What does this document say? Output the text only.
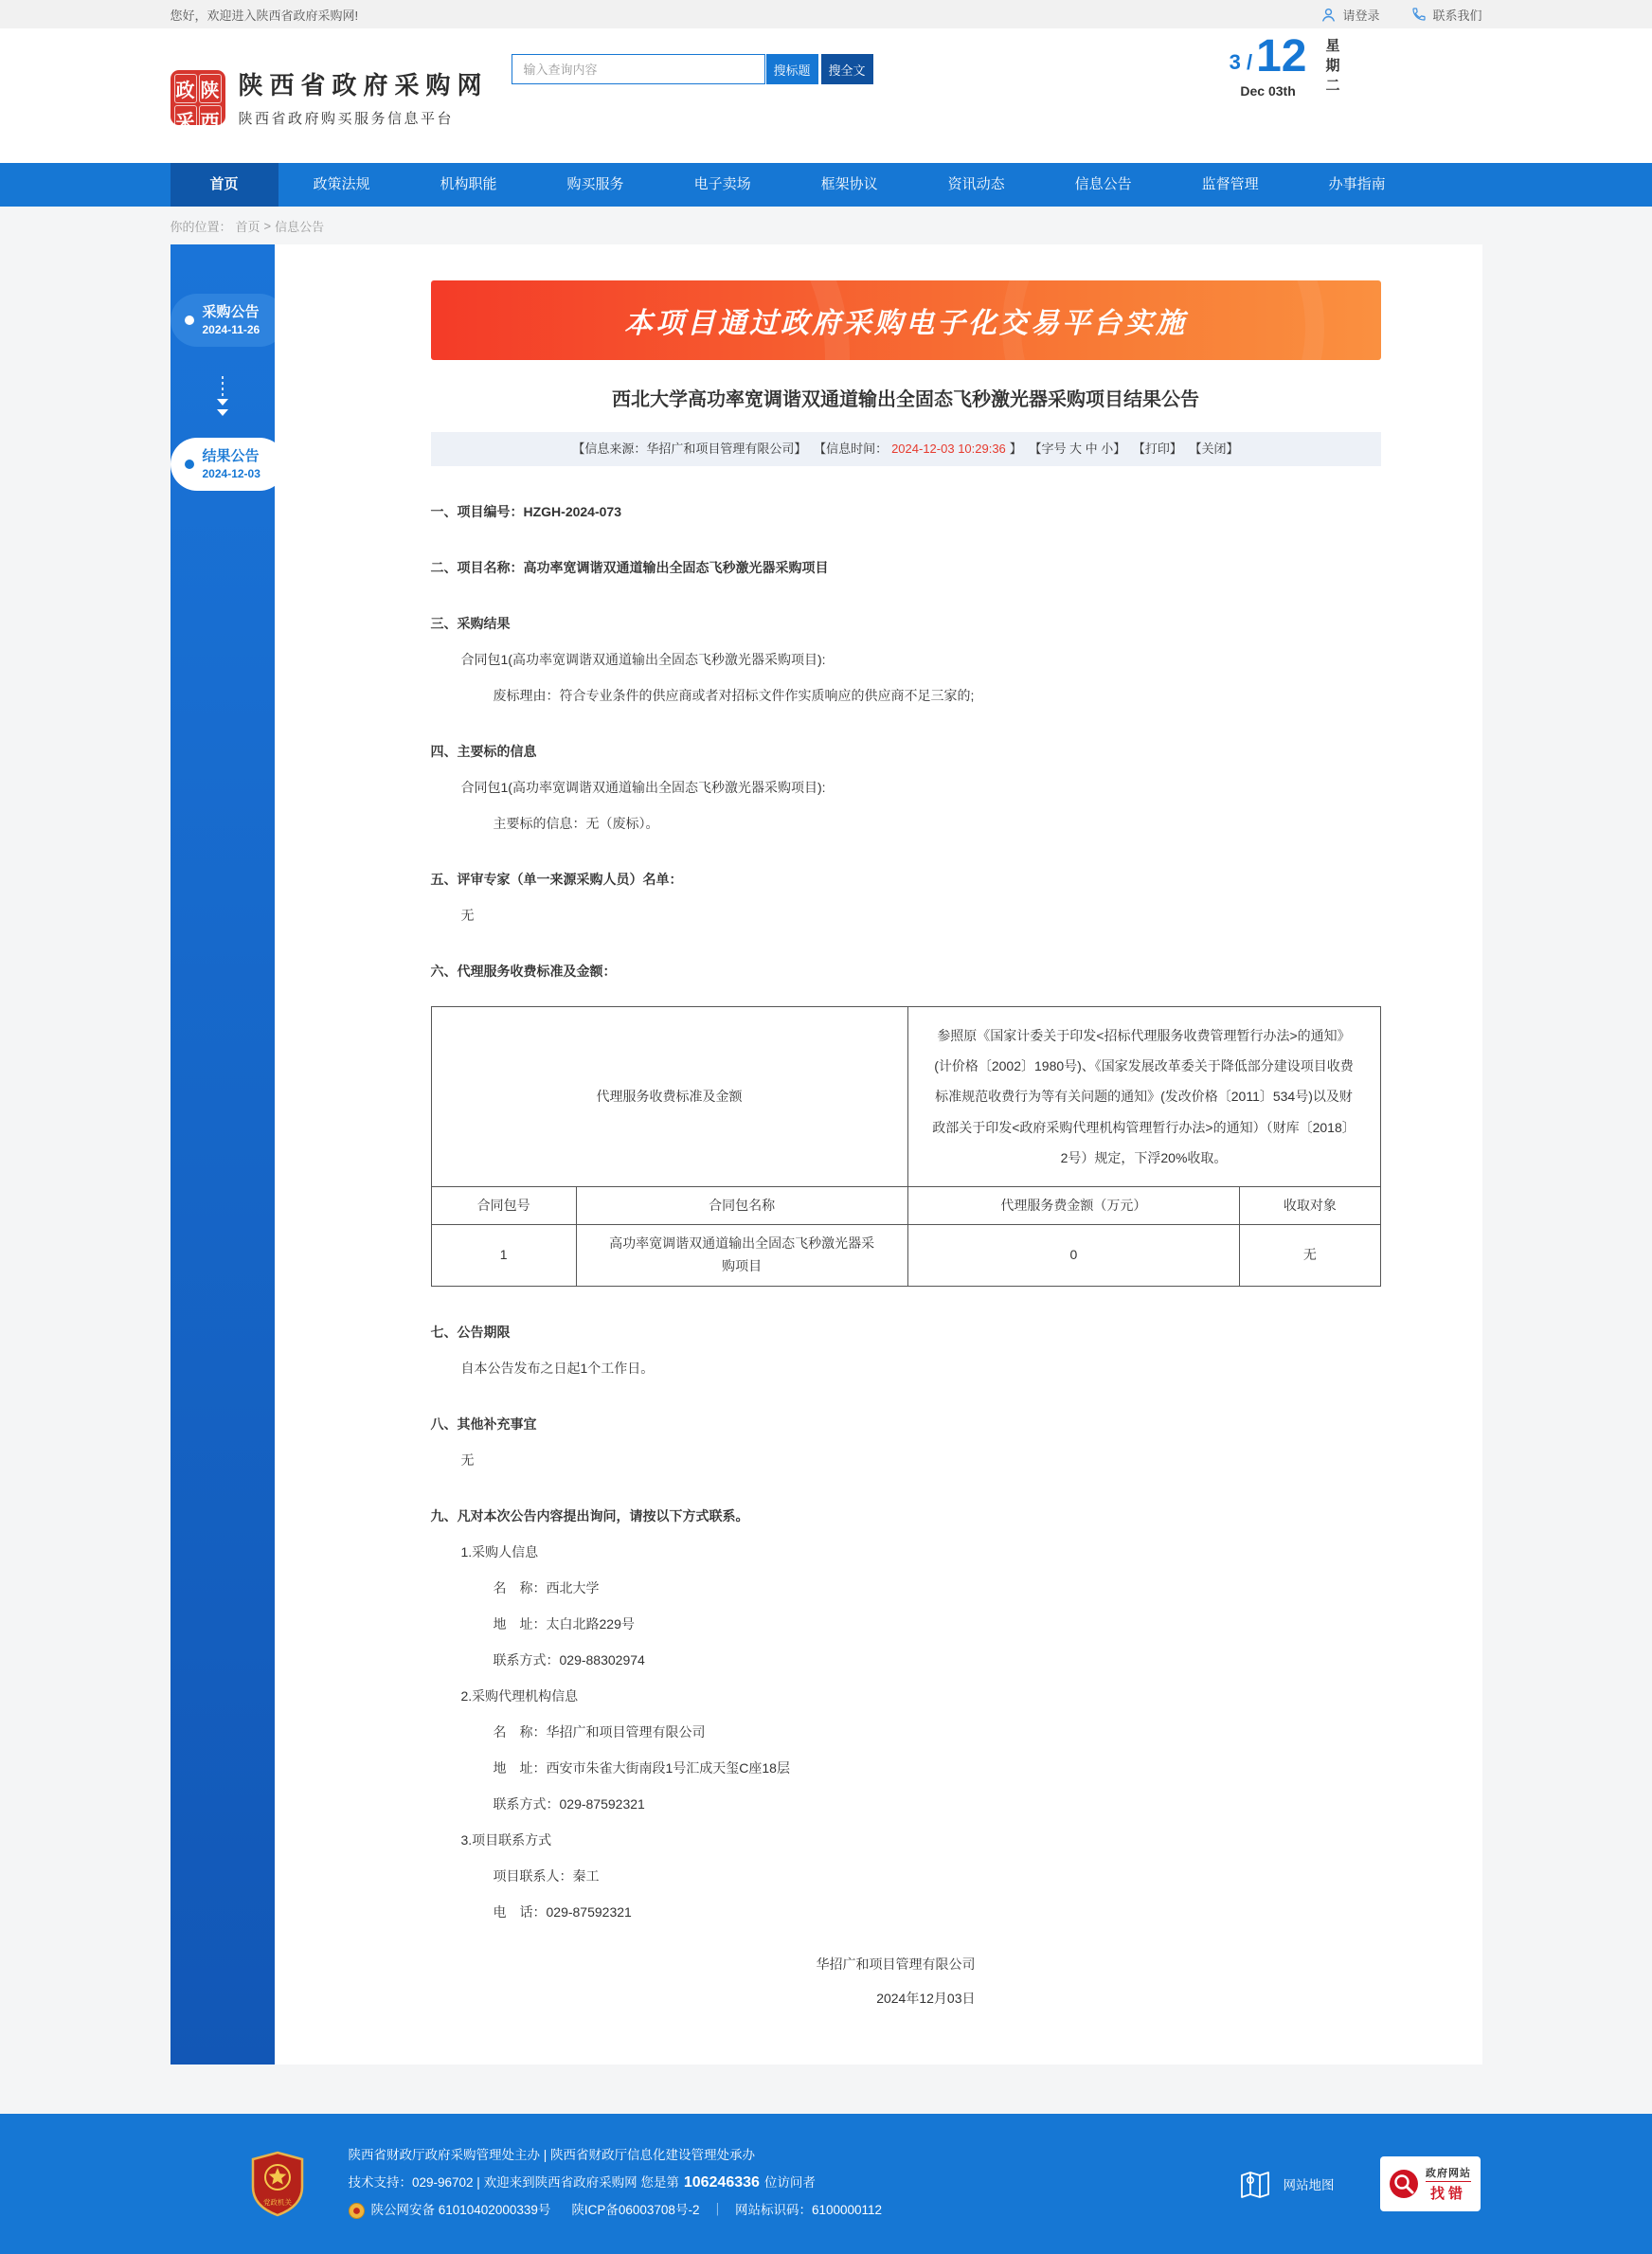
您好，欢迎进入陕西省政府采购网!	请登录	联系我们
政 陕
采 西
陕西省政府采购网
陕西省政府购买服务信息平台
输入查询内容
搜标题	搜全文	3 / 12
Dec 03th	星期二
首页	政策法规	机构职能	购买服务	电子卖场	框架协议	资讯动态	信息公告	监督管理	办事指南
你的位置： 首页 > 信息公告
采购公告
2024-11-26
结果公告
2024-12-03
本项目通过政府采购电子化交易平台实施
西北大学高功率宽调谐双通道输出全固态飞秒激光器采购项目结果公告
【信息来源：华招广和项目管理有限公司】 【信息时间： 2024-12-03 10:29:36 】 【字号 大 中 小】 【打印】 【关闭】
一、项目编号：HZGH-2024-073
二、项目名称：高功率宽调谐双通道输出全固态飞秒激光器采购项目
三、采购结果
合同包1(高功率宽调谐双通道输出全固态飞秒激光器采购项目):
废标理由：符合专业条件的供应商或者对招标文件作实质响应的供应商不足三家的;
四、主要标的信息
合同包1(高功率宽调谐双通道输出全固态飞秒激光器采购项目):
主要标的信息：无（废标）。
五、评审专家（单一来源采购人员）名单：
无
六、代理服务收费标准及金额：
代理服务收费标准及金额		参照原《国家计委关于印发<招标代理服务收费管理暂行办法>的通知》(计价格〔2002〕1980号)、《国家发展改革委关于降低部分建设项目收费标准规范收费行为等有关问题的通知》(发改价格〔2011〕534号)以及财政部关于印发<政府采购代理机构管理暂行办法>的通知）（财库〔2018〕2号）规定，下浮20%收取。	
合同包号	合同包名称	代理服务费金额（万元）	收取对象
1	高功率宽调谐双通道输出全固态飞秒激光器采购项目	0	无
七、公告期限
自本公告发布之日起1个工作日。
八、其他补充事宜
无
九、凡对本次公告内容提出询问，请按以下方式联系。
1.采购人信息
名　称：西北大学
地　址：太白北路229号
联系方式：029-88302974
2.采购代理机构信息
名　称：华招广和项目管理有限公司
地　址：西安市朱雀大街南段1号汇成天玺C座18层
联系方式：029-87592321
3.项目联系方式
项目联系人：秦工
电　话：029-87592321
华招广和项目管理有限公司
2024年12月03日
党政机关
陕西省财政厅政府采购管理处主办 | 陕西省财政厅信息化建设管理处承办
技术支持：029-96702 | 欢迎来到陕西省政府采购网 您是第 106246336 位访问者
陕公网安备 61010402000339号 陕ICP备06003708号-2 ｜ 网站标识码：6100000112
网站地图
政府网站
找错
